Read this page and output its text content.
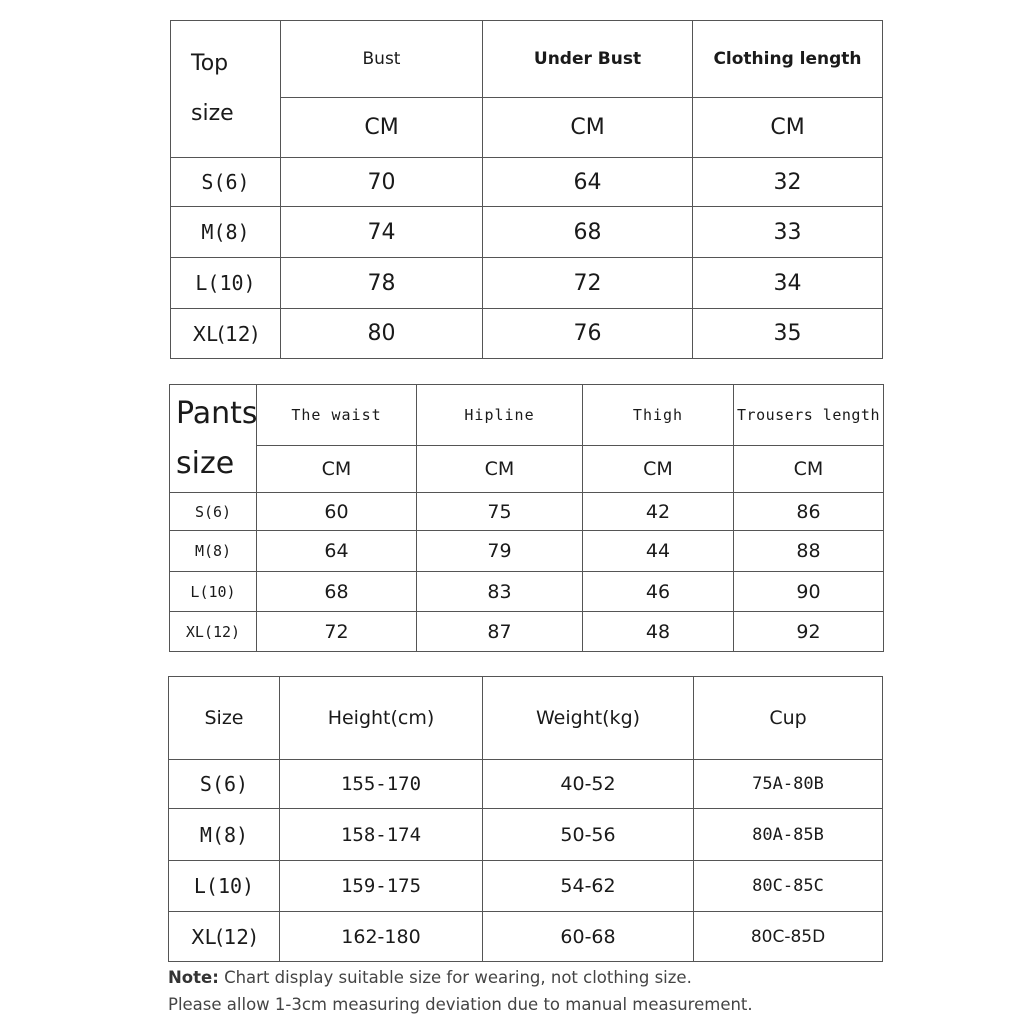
Top
size	Bust	Under Bust	Clothing length
	CM	CM	CM
S(6)	70	64	32
M(8)	74	68	33
L(10)	78	72	34
XL(12)	80	76	35
Pants
size	The waist	Hipline	Thigh	Trousers length
	CM	CM	CM	CM
S(6)	60	75	42	86
M(8)	64	79	44	88
L(10)	68	83	46	90
XL(12)	72	87	48	92
Size	Height(cm)	Weight(kg)	Cup
S(6)	155-170	40-52	75A-80B
M(8)	158-174	50-56	80A-85B
L(10)	159-175	54-62	80C-85C
XL(12)	162-180	60-68	80C-85D
Note: Chart display suitable size for wearing, not clothing size.
Please allow 1-3cm measuring deviation due to manual measurement.
